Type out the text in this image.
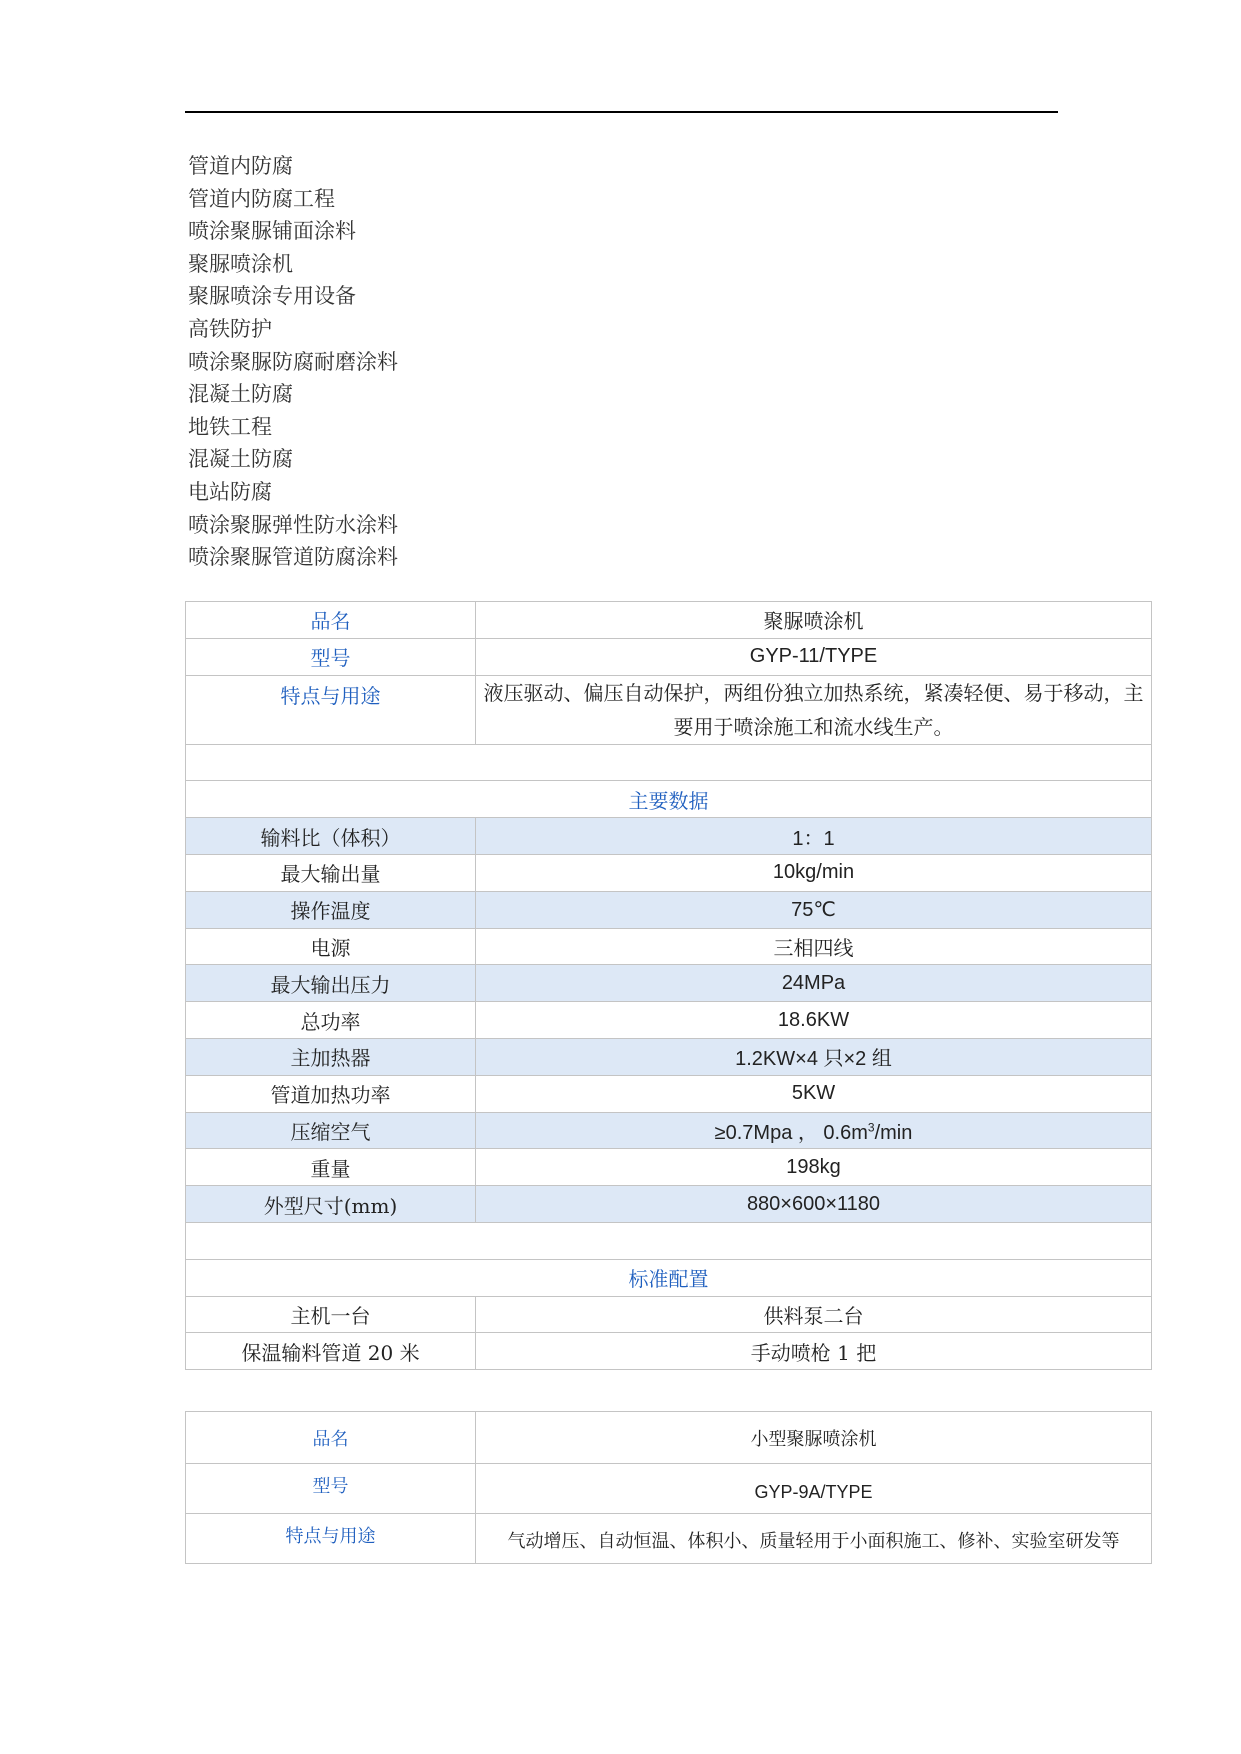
管道内防腐
管道内防腐工程
喷涂聚脲铺面涂料
聚脲喷涂机
聚脲喷涂专用设备
高铁防护
喷涂聚脲防腐耐磨涂料
混凝土防腐
地铁工程
混凝土防腐
电站防腐
喷涂聚脲弹性防水涂料
喷涂聚脲管道防腐涂料
品名	聚脲喷涂机
型号	GYP-11/TYPE
特点与用途	液压驱动、偏压自动保护，两组份独立加热系统，紧凑轻便、易于移动，主要用于喷涂施工和流水线生产。

主要数据	
输料比（体积）	1：1
最大输出量	10kg/min
操作温度	75℃
电源	三相四线
最大输出压力	24MPa
总功率	18.6KW
主加热器	1.2KW×4 只×2 组
管道加热功率	5KW
压缩空气	≥0.7Mpa ， $0.6m^3/\min$
重量	198kg
外型尺寸(mm)	880×600×1180

标准配置	
主机一台	供料泵二台
保温输料管道 20 米	手动喷枪 1 把
品名	小型聚脲喷涂机
型号	GYP-9A/TYPE
特点与用途	气动增压、自动恒温、体积小、质量轻用于小面积施工、修补、实验室研发等
